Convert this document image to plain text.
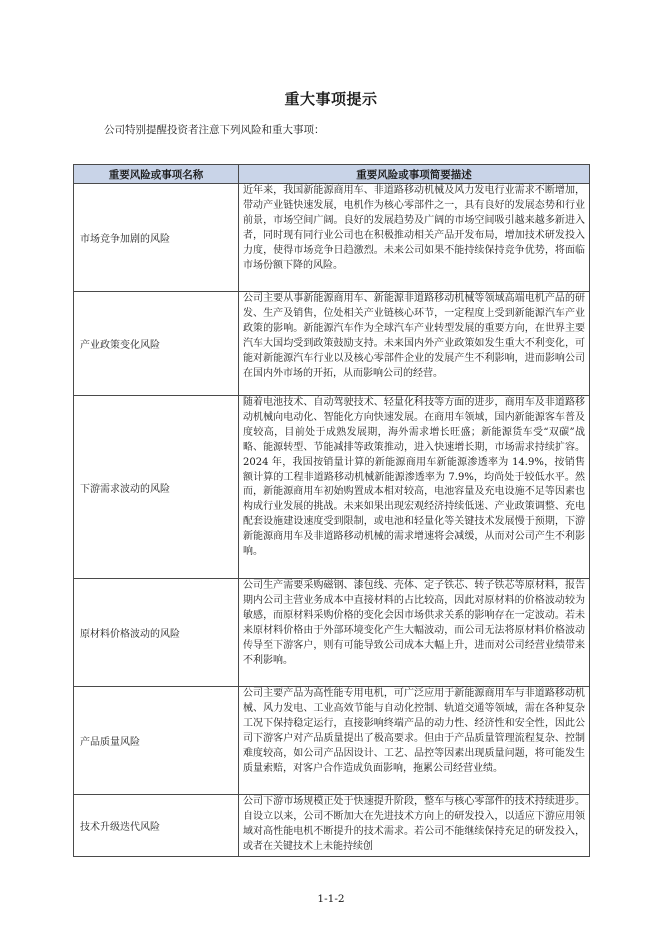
重大事项提示
公司特别提醒投资者注意下列风险和重大事项：
重要风险或事项名称	重要风险或事项简要描述
市场竞争加剧的风险	近年来，我国新能源商用车、非道路移动机械及风力发电行业需求不断增加，带动产业链快速发展，电机作为核心零部件之一，具有良好的发展态势和行业前景，市场空间广阔。良好的发展趋势及广阔的市场空间吸引越来越多新进入者，同时现有同行业公司也在积极推动相关产品开发布局，增加技术研发投入力度，使得市场竞争日趋激烈。未来公司如果不能持续保持竞争优势，将面临市场份额下降的风险。
产业政策变化风险	公司主要从事新能源商用车、新能源非道路移动机械等领域高端电机产品的研发、生产及销售，位处相关产业链核心环节，一定程度上受到新能源汽车产业政策的影响。新能源汽车作为全球汽车产业转型发展的重要方向，在世界主要汽车大国均受到政策鼓励支持。未来国内外产业政策如发生重大不利变化，可能对新能源汽车行业以及核心零部件企业的发展产生不利影响，进而影响公司在国内外市场的开拓，从而影响公司的经营。
下游需求波动的风险	随着电池技术、自动驾驶技术、轻量化科技等方面的进步，商用车及非道路移动机械向电动化、智能化方向快速发展。在商用车领域，国内新能源客车普及度较高，目前处于成熟发展期，海外需求增长旺盛；新能源货车受“双碳”战略、能源转型、节能减排等政策推动，进入快速增长期，市场需求持续扩容。2024 年，我国按销量计算的新能源商用车新能源渗透率为 14.9%，按销售额计算的工程非道路移动机械新能源渗透率为 7.9%，均尚处于较低水平。然而，新能源商用车初始购置成本相对较高，电池容量及充电设施不足等因素也构成行业发展的挑战。未来如果出现宏观经济持续低迷、产业政策调整、充电配套设施建设速度受到限制，或电池和轻量化等关键技术发展慢于预期，下游新能源商用车及非道路移动机械的需求增速将会减缓，从而对公司产生不利影响。
原材料价格波动的风险	公司生产需要采购磁钢、漆包线、壳体、定子铁芯、转子铁芯等原材料，报告期内公司主营业务成本中直接材料的占比较高，因此对原材料的价格波动较为敏感，而原材料采购价格的变化会因市场供求关系的影响存在一定波动。若未来原材料价格由于外部环境变化产生大幅波动，而公司无法将原材料价格波动传导至下游客户，则有可能导致公司成本大幅上升，进而对公司经营业绩带来不利影响。
产品质量风险	公司主要产品为高性能专用电机，可广泛应用于新能源商用车与非道路移动机械、风力发电、工业高效节能与自动化控制、轨道交通等领域，需在各种复杂工况下保持稳定运行，直接影响终端产品的动力性、经济性和安全性，因此公司下游客户对产品质量提出了极高要求。但由于产品质量管理流程复杂、控制难度较高，如公司产品因设计、工艺、品控等因素出现质量问题，将可能发生质量索赔，对客户合作造成负面影响，拖累公司经营业绩。
技术升级迭代风险	公司下游市场规模正处于快速提升阶段，整车与核心零部件的技术持续进步。自设立以来，公司不断加大在先进技术方向上的研发投入，以适应下游应用领域对高性能电机不断提升的技术需求。若公司不能继续保持充足的研发投入，或者在关键技术上未能持续创
1-1-2
